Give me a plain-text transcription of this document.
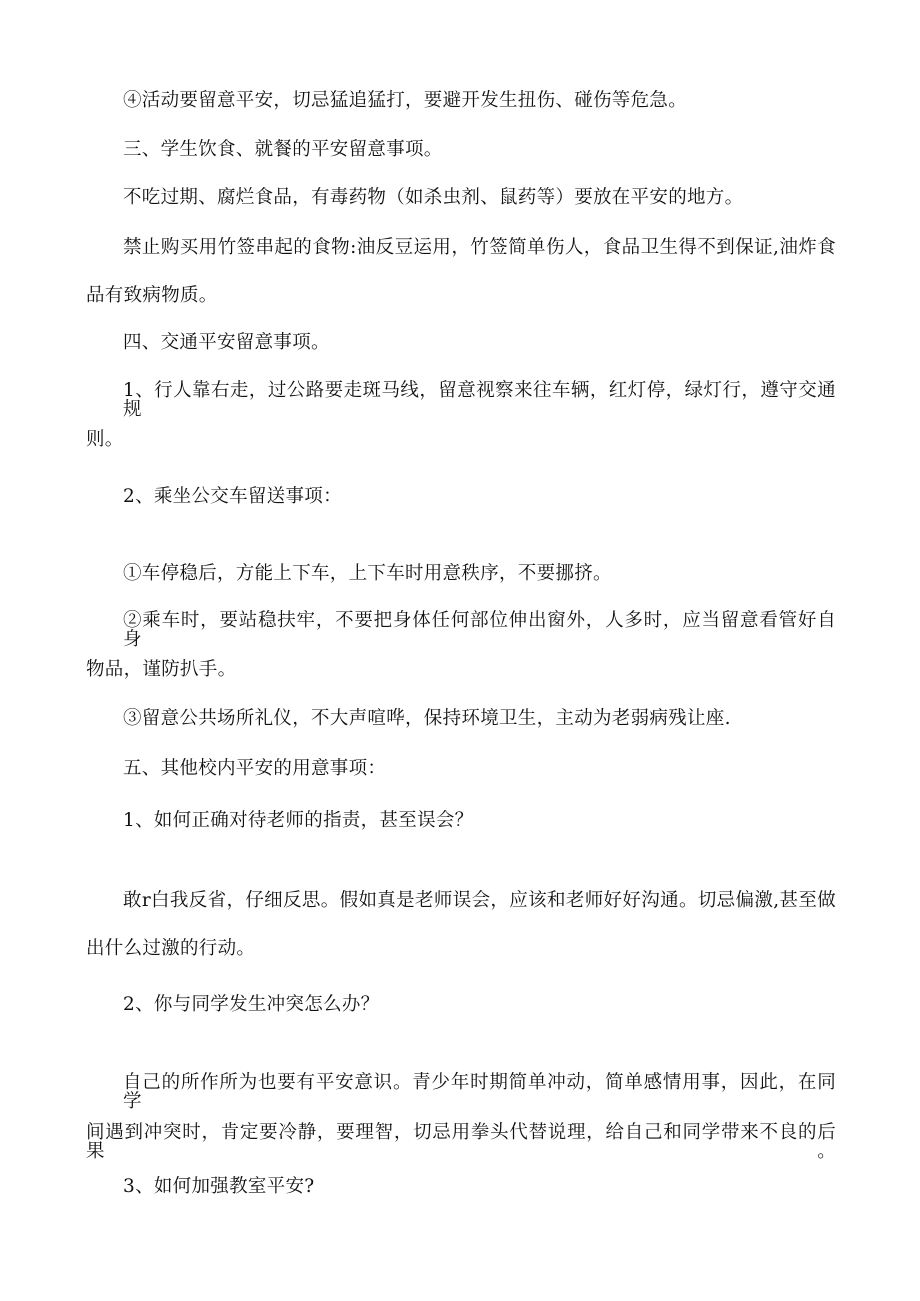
④活动要留意平安，切忌猛追猛打，要避开发生扭伤、碰伤等危急。
三、学生饮食、就餐的平安留意事项。
不吃过期、腐烂食品，有毒药物（如杀虫剂、鼠药等）要放在平安的地方。
禁止购买用竹签串起的食物:油反豆运用，竹签简单伤人，食品卫生得不到保证,油炸食
品有致病物质。
四、交通平安留意事项。
1、行人靠右走，过公路要走斑马线，留意视察来往车辆，红灯停，绿灯行，遵守交通规
则。
2、乘坐公交车留送事项：
①车停稳后，方能上下车，上下车时用意秩序，不要挪挤。
②乘车时，要站稳扶牢，不要把身体任何部位伸出窗外，人多时，应当留意看管好自身
物品，谨防扒手。
③留意公共场所礼仪，不大声喧哗，保持环境卫生，主动为老弱病残让座.
五、其他校内平安的用意事项：
1、如何正确对待老师的指责，甚至误会？
敢r白我反省，仔细反思。假如真是老师误会，应该和老师好好沟通。切忌偏激,甚至做
出什么过激的行动。
2、你与同学发生冲突怎么办？
自己的所作所为也要有平安意识。青少年时期简单冲动，简单感情用事，因此，在同学
间遇到冲突时，肯定要冷静，要理智，切忌用拳头代替说理，给自己和同学带来不良的后果。
3、如何加强教室平安?
